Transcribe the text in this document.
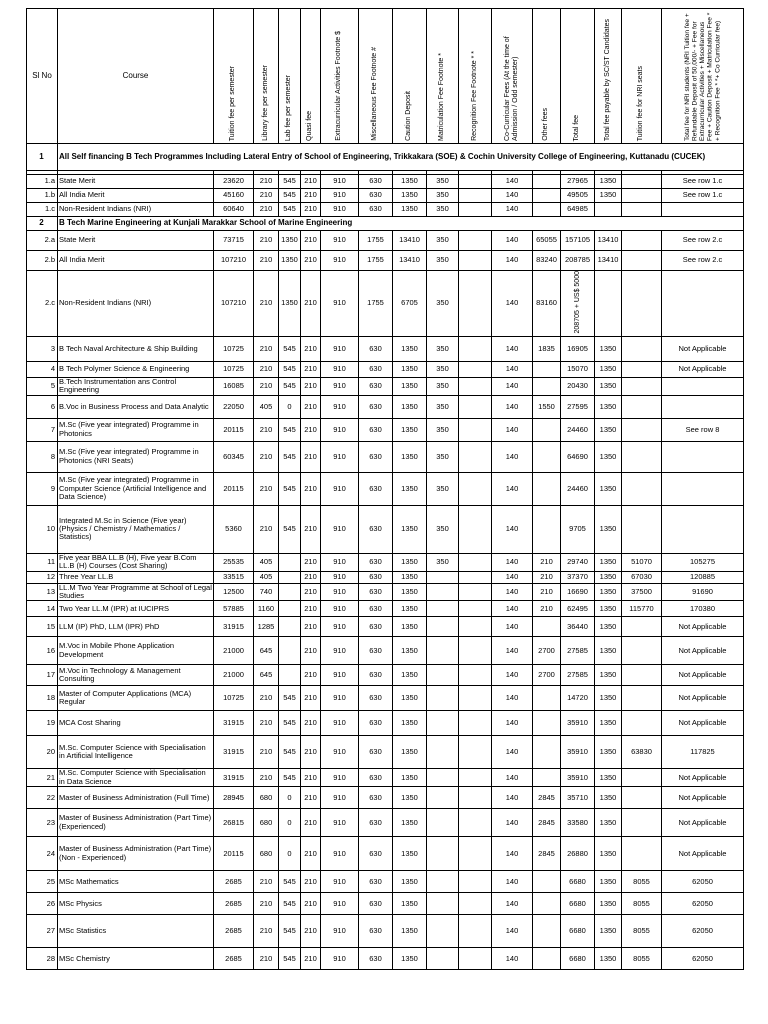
Sl No	Course	Tuition fee per semester	Library fee per semester	Lab fee per semester	Quasi fee	Extracurricular Activities Footnote $	Miscellaneous Fee Footnote #	Caution Deposit	Matriculation Fee Footnote *	Recognition Fee Footnote * *	Co-Curricular Fees (At the time of Admission / Odd semester)	Other fees	Total fee	Total fee payable by SC/ST Candidates	Tuition fee for NRI seats	Total fee for NRI students (NRI Tuition fee + Refundable Deposit of 50,000/- + Fee for Extracurricular Activities + Miscellaneous Fee + Caution Deposit + Matriculation Fee * + Recognition Fee * *+ Co Curricular fee)

1	All Self financing B Tech Programmes Including Lateral Entry of School of Engineering, Trikkakara (SOE) & Cochin University College of Engineering, Kuttanadu (CUCEK)															

1.a	State Merit	23620	210	545	210	910	630	1350	350		140		27965	1350		See row 1.c
1.b	All India Merit	45160	210	545	210	910	630	1350	350		140		49505	1350		See row 1.c
1.c	Non-Resident Indians (NRI)	60640	210	545	210	910	630	1350	350		140		64985			
2	B Tech Marine Engineering at Kunjali Marakkar School of Marine Engineering															
2.a	State Merit	73715	210	1350	210	910	1755	13410	350		140	65055	157105	13410		See row 2.c
2.b	All India Merit	107210	210	1350	210	910	1755	13410	350		140	83240	208785	13410		See row 2.c
2.c	Non-Resident Indians (NRI)	107210	210	1350	210	910	1755	6705	350		140	83160	208705 + US$ 5000			
3	B Tech Naval Architecture & Ship Building	10725	210	545	210	910	630	1350	350		140	1835	16905	1350		Not Applicable
4	B Tech Polymer Science & Engineering	10725	210	545	210	910	630	1350	350		140		15070	1350		Not Applicable
5	B.Tech Instrumentation ans Control Engineering	16085	210	545	210	910	630	1350	350		140		20430	1350		
6	B.Voc in Business Process and Data Analytic	22050	405	0	210	910	630	1350	350		140	1550	27595	1350		
7	M.Sc (Five year integrated) Programme in Photonics	20115	210	545	210	910	630	1350	350		140		24460	1350		See row 8
8	M.Sc (Five year integrated) Programme in Photonics (NRI Seats)	60345	210	545	210	910	630	1350	350		140		64690	1350		
9	M.Sc (Five year integrated) Programme in Computer Science (Artificial Intelligence and Data Science)	20115	210	545	210	910	630	1350	350		140		24460	1350		
10	Integrated M.Sc in Science (Five year) (Physics / Chemistry / Mathematics / Statistics)	5360	210	545	210	910	630	1350	350		140		9705	1350		
11	Five year BBA LL.B (H), Five year B.Com LL.B (H) Courses (Cost Sharing)	25535	405		210	910	630	1350	350		140	210	29740	1350	51070	105275
12	Three Year LL.B	33515	405		210	910	630	1350			140	210	37370	1350	67030	120885
13	LL.M Two Year Programme at School of Legal Studies	12500	740		210	910	630	1350			140	210	16690	1350	37500	91690
14	Two Year LL.M (IPR) at IUCIPRS	57885	1160		210	910	630	1350			140	210	62495	1350	115770	170380
15	LLM (IP) PhD, LLM (IPR) PhD	31915	1285		210	910	630	1350			140		36440	1350		Not Applicable
16	M.Voc in Mobile Phone Application Development	21000	645		210	910	630	1350			140	2700	27585	1350		Not Applicable
17	M.Voc in Technology & Management Consulting	21000	645		210	910	630	1350			140	2700	27585	1350		Not Applicable
18	Master of Computer Applications (MCA) Regular	10725	210	545	210	910	630	1350			140		14720	1350		Not Applicable
19	MCA Cost Sharing	31915	210	545	210	910	630	1350			140		35910	1350		Not Applicable
20	M.Sc. Computer Science with Specialisation in Artificial Intelligence	31915	210	545	210	910	630	1350			140		35910	1350	63830	117825
21	M.Sc. Computer Science with Specialisation in Data Science	31915	210	545	210	910	630	1350			140		35910	1350		Not Applicable
22	Master of Business Administration (Full Time)	28945	680	0	210	910	630	1350			140	2845	35710	1350		Not Applicable
23	Master of Business Administration (Part Time) (Experienced)	26815	680	0	210	910	630	1350			140	2845	33580	1350		Not Applicable
24	Master of Business Administration (Part Time) (Non - Experienced)	20115	680	0	210	910	630	1350			140	2845	26880	1350		Not Applicable
25	MSc Mathematics	2685	210	545	210	910	630	1350			140		6680	1350	8055	62050
26	MSc Physics	2685	210	545	210	910	630	1350			140		6680	1350	8055	62050
27	MSc Statistics	2685	210	545	210	910	630	1350			140		6680	1350	8055	62050
28	MSc Chemistry	2685	210	545	210	910	630	1350			140		6680	1350	8055	62050
